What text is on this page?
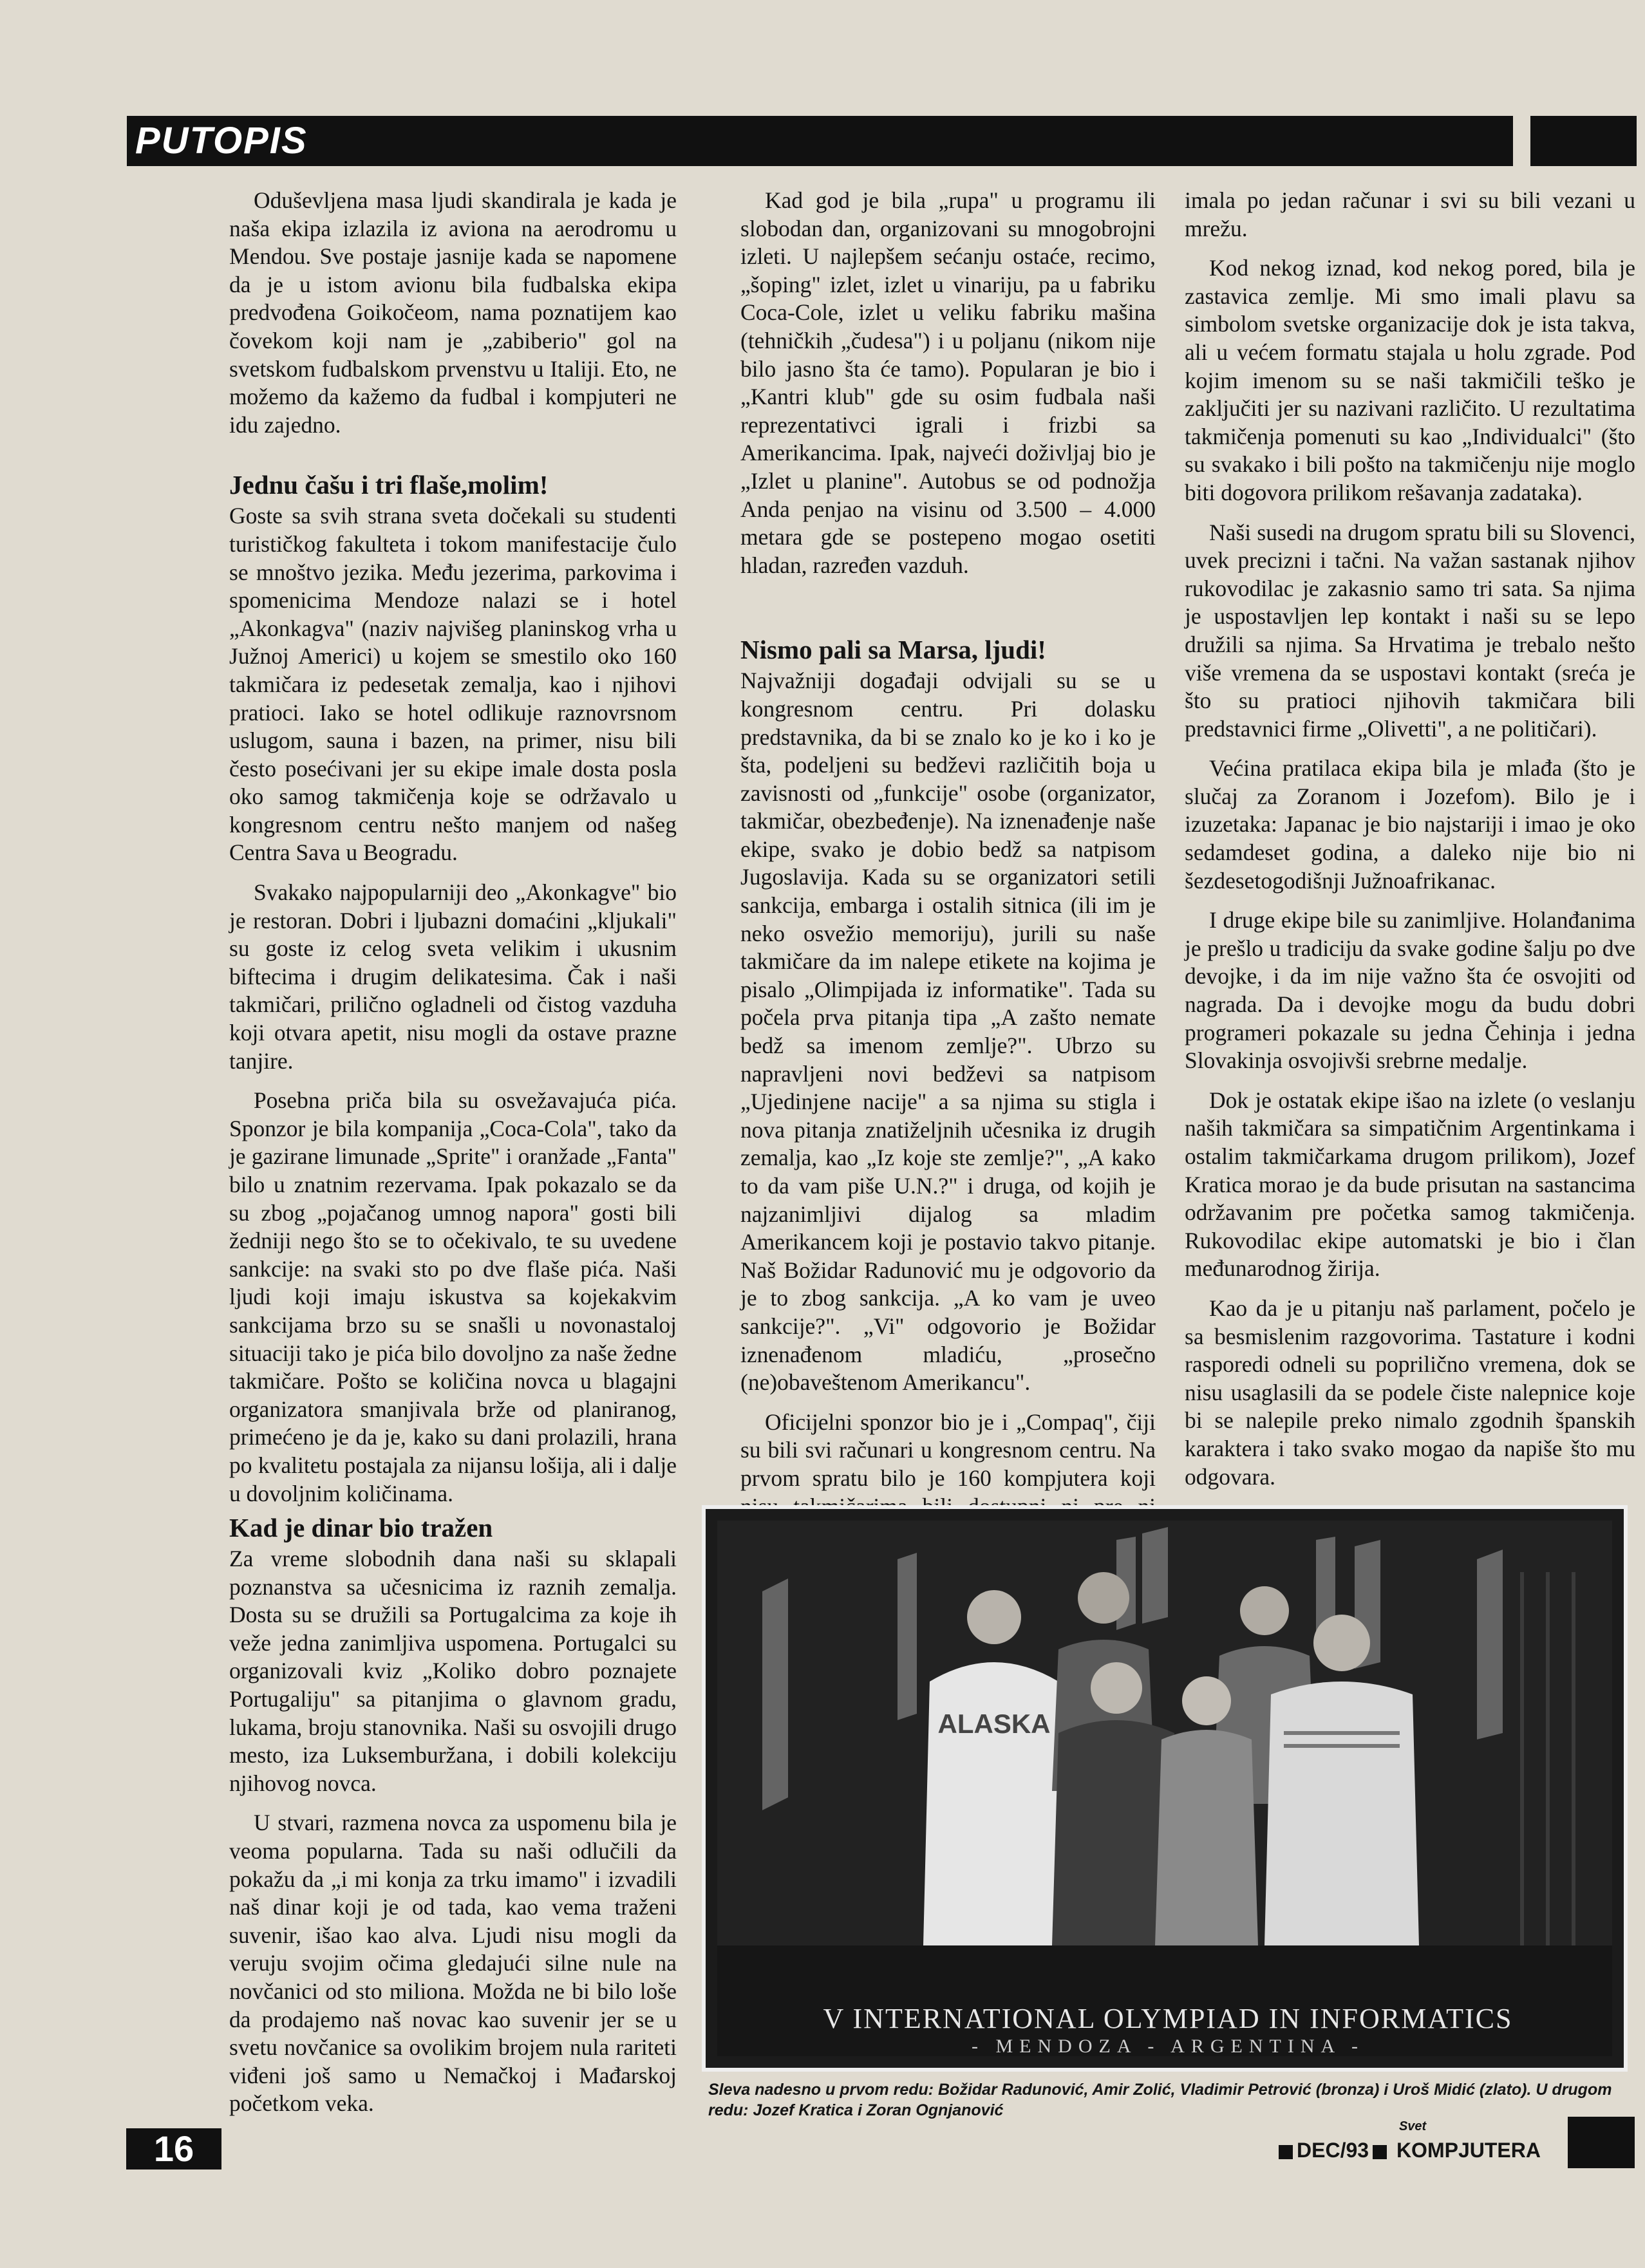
PUTOPIS

Oduševljena masa ljudi skandirala je kada je naša ekipa izlazila iz aviona na aerodromu u Mendou. Sve postaje jasnije kada se napomene da je u istom avionu bila fudbalska ekipa predvođena Goikočeom, nama poznatijem kao čovekom koji nam je „zabiberio" gol na svetskom fudbalskom prvenstvu u Italiji. Eto, ne možemo da kažemo da fudbal i kompjuteri ne idu zajedno.

Jednu čašu i tri flaše,molim!

Goste sa svih strana sveta dočekali su studenti turističkog fakulteta i tokom manifestacije čulo se mnoštvo jezika. Među jezerima, parkovima i spomenicima Mendoze nalazi se i hotel „Akonkagva" (naziv najvišeg planinskog vrha u Južnoj Americi) u kojem se smestilo oko 160 takmičara iz pedesetak zemalja, kao i njihovi pratioci. Iako se hotel odlikuje raznovrsnom uslugom, sauna i bazen, na primer, nisu bili često posećivani jer su ekipe imale dosta posla oko samog takmičenja koje se održavalo u kongresnom centru nešto manjem od našeg Centra Sava u Beogradu.

Svakako najpopularniji deo „Akonkagve" bio je restoran. Dobri i ljubazni domaćini „kljukali" su goste iz celog sveta velikim i ukusnim biftecima i drugim delikatesima. Čak i naši takmičari, prilično ogladneli od čistog vazduha koji otvara apetit, nisu mogli da ostave prazne tanjire.

Posebna priča bila su osvežavajuća pića. Sponzor je bila kompanija „Coca-Cola", tako da je gazirane limunade „Sprite" i oranžade „Fanta" bilo u znatnim rezervama. Ipak pokazalo se da su zbog „pojačanog umnog napora" gosti bili žedniji nego što se to očekivalo, te su uvedene sankcije: na svaki sto po dve flaše pića. Naši ljudi koji imaju iskustva sa kojekakvim sankcijama brzo su se snašli u novonastaloj situaciji tako je pića bilo dovoljno za naše žedne takmičare. Pošto se količina novca u blagajni organizatora smanjivala brže od planiranog, primećeno je da je, kako su dani prolazili, hrana po kvalitetu postajala za nijansu lošija, ali i dalje u dovoljnim količinama.

Kad je dinar bio tražen

Za vreme slobodnih dana naši su sklapali poznanstva sa učesnicima iz raznih zemalja. Dosta su se družili sa Portugalcima za koje ih veže jedna zanimljiva uspomena. Portugalci su organizovali kviz „Koliko dobro poznajete Portugaliju" sa pitanjima o glavnom gradu, lukama, broju stanovnika. Naši su osvojili drugo mesto, iza Luksemburžana, i dobili kolekciju njihovog novca.

U stvari, razmena novca za uspomenu bila je veoma popularna. Tada su naši odlučili da pokažu da „i mi konja za trku imamo" i izvadili naš dinar koji je od tada, kao vema traženi suvenir, išao kao alva. Ljudi nisu mogli da veruju svojim očima gledajući silne nule na novčanici od sto miliona. Možda ne bi bilo loše da prodajemo naš novac kao suvenir jer se u svetu novčanice sa ovolikim brojem nula rariteti viđeni još samo u Nemačkoj i Mađarskoj početkom veka.

Kad god je bila „rupa" u programu ili slobodan dan, organizovani su mnogobrojni izleti. U najlepšem sećanju ostaće, recimo, „šoping" izlet, izlet u vinariju, pa u fabriku Coca-Cole, izlet u veliku fabriku mašina (tehničkih „čudesa") i u poljanu (nikom nije bilo jasno šta će tamo). Popularan je bio i „Kantri klub" gde su osim fudbala naši reprezentativci igrali i frizbi sa Amerikancima. Ipak, najveći doživljaj bio je „Izlet u planine". Autobus se od podnožja Anda penjao na visinu od 3.500 – 4.000 metara gde se postepeno mogao osetiti hladan, razređen vazduh.

Nismo pali sa Marsa, ljudi!

Najvažniji događaji odvijali su se u kongresnom centru. Pri dolasku predstavnika, da bi se znalo ko je ko i ko je šta, podeljeni su bedževi različitih boja u zavisnosti od „funkcije" osobe (organizator, takmičar, obezbeđenje). Na iznenađenje naše ekipe, svako je dobio bedž sa natpisom Jugoslavija. Kada su se organizatori setili sankcija, embarga i ostalih sitnica (ili im je neko osvežio memoriju), jurili su naše takmičare da im nalepe etikete na kojima je pisalo „Olimpijada iz informatike". Tada su počela prva pitanja tipa „A zašto nemate bedž sa imenom zemlje?". Ubrzo su napravljeni novi bedževi sa natpisom „Ujedinjene nacije" a sa njima su stigla i nova pitanja znatiželjnih učesnika iz drugih zemalja, kao „Iz koje ste zemlje?", „A kako to da vam piše U.N.?" i druga, od kojih je najzanimljivi dijalog sa mladim Amerikancem koji je postavio takvo pitanje. Naš Božidar Radunović mu je odgovorio da je to zbog sankcija. „A ko vam je uveo sankcije?". „Vi" odgovorio je Božidar iznenađenom mladiću, „prosečno (ne)obaveštenom Amerikancu".

Oficijelni sponzor bio je i „Compaq", čiji su bili svi računari u kongresnom centru. Na prvom spratu bilo je 160 kompjutera koji

imala po jedan računar i svi su bili vezani u mrežu.

Kod nekog iznad, kod nekog pored, bila je zastavica zemlje. Mi smo imali plavu sa simbolom svetske organizacije dok je ista takva, ali u većem formatu stajala u holu zgrade. Pod kojim imenom su se naši takmičili teško je zaključiti jer su nazivani različito. U rezultatima takmičenja pomenuti su kao „Individualci" (što su svakako i bili pošto na takmičenju nije moglo biti dogovora prilikom rešavanja zadataka).

Naši susedi na drugom spratu bili su Slovenci, uvek precizni i tačni. Na važan sastanak njihov rukovodilac je zakasnio samo tri sata. Sa njima je uspostavljen lep kontakt i naši su se lepo družili sa njima. Sa Hrvatima je trebalo nešto više vremena da se uspostavi kontakt (sreća je što su pratioci njihovih takmičara bili predstavnici firme „Olivetti", a ne političari).

Većina pratilaca ekipa bila je mlađa (što je slučaj za Zoranom i Jozefom). Bilo je i izuzetaka: Japanac je bio najstariji i imao je oko sedamdeset godina, a daleko nije bio ni šezdesetogodišnji Južnoafrikanac.

I druge ekipe bile su zanimljive. Holanđanima je prešlo u tradiciju da svake godine šalju po dve devojke, i da im nije važno šta će osvojiti od nagrada. Da i devojke mogu da budu dobri programeri pokazale su jedna Čehinja i jedna Slovakinja osvojivši srebrne medalje.

Dok je ostatak ekipe išao na izlete (o veslanju naših takmičara sa simpatičnim Argentinkama i ostalim takmičarkama drugom prilikom), Jozef Kratica morao je da bude prisutan na sastancima održavanim pre početka samog takmičenja. Rukovodilac ekipe automatski je bio i član međunarodnog žirija.

Kao da je u pitanju naš parlament, počelo je sa besmislenim razgovorima. Tastature i kodni rasporedi odneli su poprilično vremena, dok se nisu usaglasili da se podele čiste nalepnice koje bi se nalepile preko nimalo zgodnih španskih karaktera i tako svako mogao da napiše što mu odgovara.

ALASKA
V INTERNATIONAL OLYMPIAD IN INFORMATICS
- MENDOZA - ARGENTINA -
Sleva nadesno u prvom redu: Božidar Radunović, Amir Zolić, Vladimir Petrović (bronza) i Uroš Midić (zlato). U drugom redu: Jozef Kratica i Zoran Ognjanović
16	DEC/93
Svet
KOMPJUTERA
